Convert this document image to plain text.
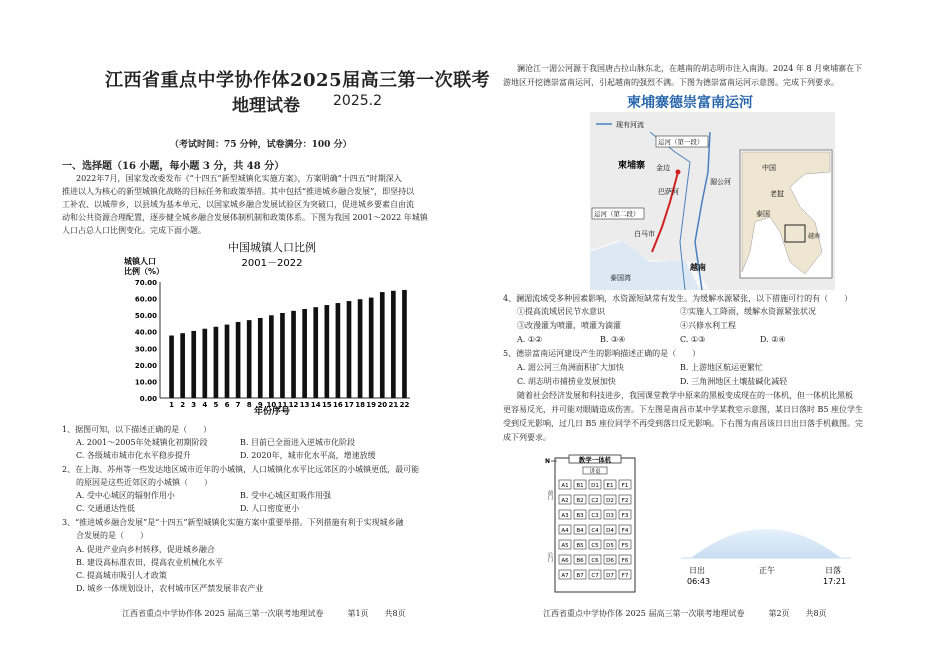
江西省重点中学协作体2025届高三第一次联考
地理试卷 2025.2
（考试时间：75 分钟，试卷满分：100 分）
一、选择题（16 小题，每小题 3 分，共 48 分）
2022年7月，国家发改委发布《“十四五”新型城镇化实施方案》，方案明确“十四五”时期深入
推进以人为核心的新型城镇化战略的目标任务和政策举措。其中包括“推进城乡融合发展”，即坚持以
工补农、以城带乡，以县域为基本单元、以国家城乡融合发展试验区为突破口，促进城乡要素自由流
动和公共资源合理配置，逐步健全城乡融合发展体制机制和政策体系。下图为我国 2001～2022 年城镇
人口占总人口比例变化。完成下面小题。
中国城镇人口比例
2001－2022
城镇人口
比例（%）
年份序号
0.00
10.00
20.00
30.00
40.00
50.00
60.00
70.00
1 2 3 4 5 6 7 8 9 10 11 12 13 14 15 16 17 18 19 20 21 22
1、据图可知，以下描述正确的是（　　）
A. 2001～2005年处城镇化初期阶段	B. 目前已全面进入逆城市化阶段
C. 各级城市城市化水平稳步提升	D. 2020年，城市化水平高，增速放缓
2、在上海、苏州等一些发达地区城市近年的小城镇，人口城镇化水平比远郊区的小城镇更低，最可能
的原因是这些近郊区的小城镇（　　）
A. 受中心城区的辐射作用小	B. 受中心城区虹吸作用强
C. 交通通达性低	D. 人口密度更小
3、“推进城乡融合发展”是“十四五”新型城镇化实施方案中重要举措。下列措施有利于实现城乡融
合发展的是（　　）
A. 促进产业向乡村转移，促进城乡融合
B. 建设高标准农田，提高农业机械化水平
C. 提高城市吸引人才政策
D. 城乡一体规划设计，农村城市区严禁发展非农产业
江西省重点中学协作体 2025 届高三第一次联考地理试卷　　　第1页　　共8页
澜沧江一湄公河源于我国唐古拉山脉东北，在越南的胡志明市注入南海。2024 年 8 月柬埔寨在下
游地区开挖德崇富南运河，引起越南的强烈不满。下图为德崇富南运河示意图。完成下列要求。
柬埔寨德崇富南运河
现有河流
柬埔寨
运河（第一段）
运河（第二段）
金边
巴萨河
湄公河
白马市
泰国湾
越南
中国
老挝
泰国
越南
4、澜湄流域受多种因素影响，水资源短缺常有发生。为缓解水源紧张，以下措施可行的有（　　）
①提高流域居民节水意识	②实施人工降雨，缓解水资源紧张状况
③改漫灌为喷灌，喷灌为滴灌	④兴修水利工程
A. ①②	B. ③④	C. ①③	D. ②④
5、德崇富南运河建设产生的影响描述正确的是（　　）
A. 湄公河三角洲面积扩大加快	B. 上游地区航运更繁忙
C. 胡志明市捕捞业发展加快	D. 三角洲地区土壤盐碱化减轻
随着社会经济发展和科技进步，我国课堂教学中原来的黑板变成现在的一体机，但一体机比黑板
更容易反光，并可能对眼睛造成伤害。下左图是南昌市某中学某教室示意图，某日日落时 B5 座位学生
受到反光影响，过几日 B5 座位同学不再受到落日反光影响。下右图为南昌该日日出日落手机截图。完
成下列要求。
N	教学一体机
讲桌
前门
后门
A1 B1 D1 E1 F1
A2 B2 C2 D2 F2
A3 B3 C3 D3 F3
A4 B4 C4 D4 F4
A5 B5 C5 D5 F5
A6 B6 C6 D6 F6
A7 B7 C7 D7 F7
日出
06:43
正午	日落
17:21
江西省重点中学协作体 2025 届高三第一次联考地理试卷　　　第2页　　共8页
